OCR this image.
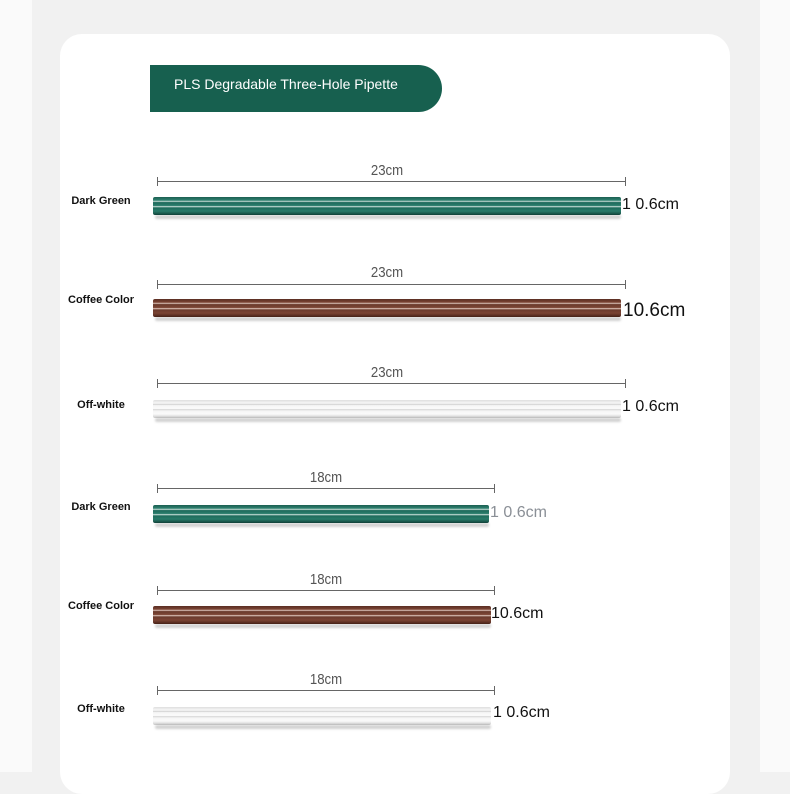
PLS Degradable Three-Hole Pipette
Dark Green
23cm
1 0.6cm
Coffee Color
23cm
10.6cm
Off-white
23cm
1 0.6cm
Dark Green
18cm
1 0.6cm
Coffee Color
18cm
10.6cm
Off-white
18cm
1 0.6cm
